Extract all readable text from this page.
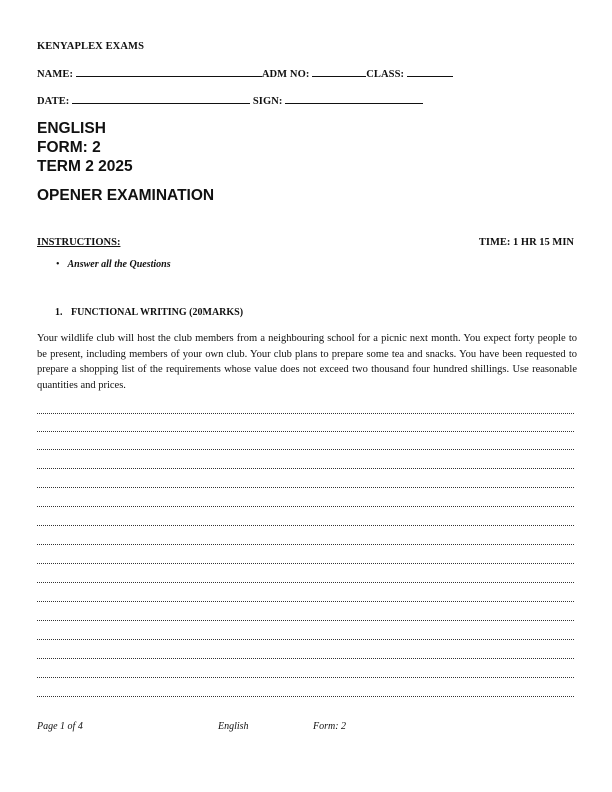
KENYAPLEX EXAMS
NAME:	ADM NO:	CLASS:
DATE:	SIGN:
ENGLISH
FORM: 2
TERM 2 2025
OPENER EXAMINATION
INSTRUCTIONS:	TIME: 1 HR 15 MIN
• Answer all the Questions
1. FUNCTIONAL WRITING (20MARKS)
Your wildlife club will host the club members from a neighbouring school for a picnic next month. You expect forty people to be present, including members of your own club. Your club plans to prepare some tea and snacks. You have been requested to prepare a shopping list of the requirements whose value does not exceed two thousand four hundred shillings. Use reasonable quantities and prices.
Page 1 of 4	English	Form: 2
